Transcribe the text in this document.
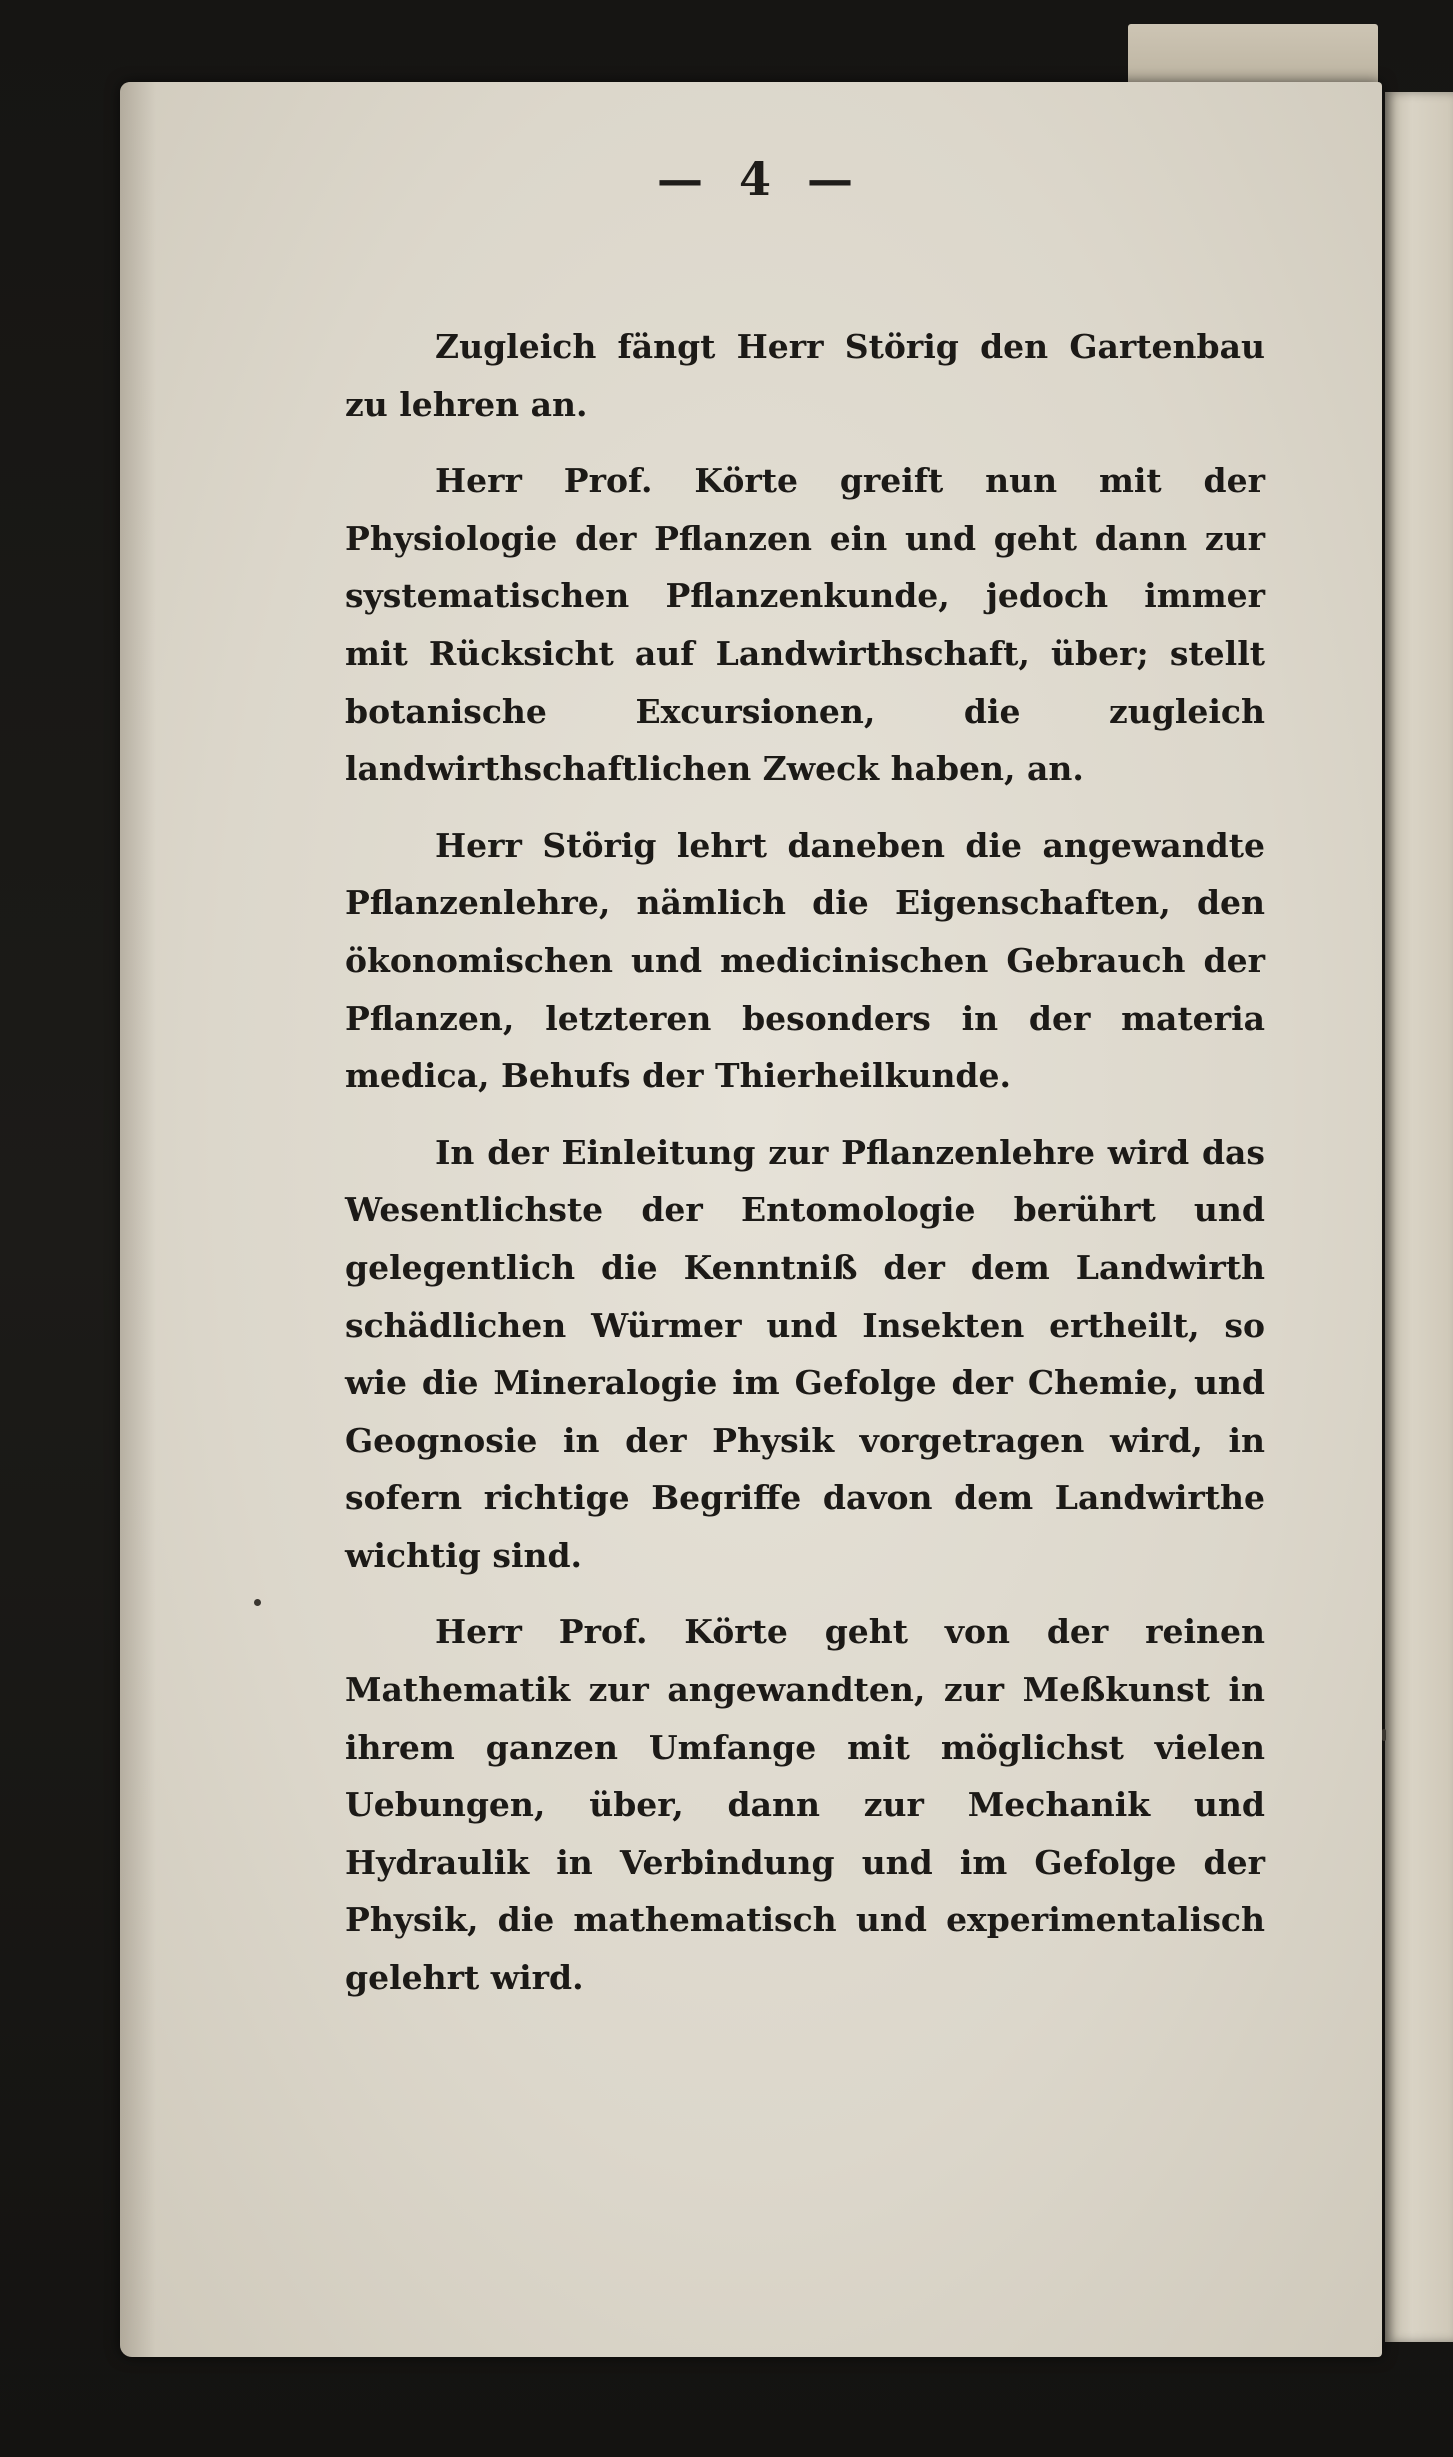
— 4 —

Zugleich fängt Herr Störig den Gartenbau zu lehren an.

Herr Prof. Körte greift nun mit der Physiologie der Pflanzen ein und geht dann zur systematischen Pflanzenkunde, jedoch immer mit Rücksicht auf Landwirthschaft, über; stellt botanische Excursionen, die zugleich landwirthschaftlichen Zweck haben, an.

Herr Störig lehrt daneben die angewandte Pflanzenlehre, nämlich die Eigenschaften, den ökonomischen und medicinischen Gebrauch der Pflanzen, letzteren besonders in der materia medica, Behufs der Thierheilkunde.

In der Einleitung zur Pflanzenlehre wird das Wesentlichste der Entomologie berührt und gelegentlich die Kenntniß der dem Landwirth schädlichen Würmer und Insekten ertheilt, so wie die Mineralogie im Gefolge der Chemie, und Geognosie in der Physik vorgetragen wird, in sofern richtige Begriffe davon dem Landwirthe wichtig sind.

Herr Prof. Körte geht von der reinen Mathematik zur angewandten, zur Meßkunst in ihrem ganzen Umfange mit möglichst vielen Uebungen, über, dann zur Mechanik und Hydraulik in Verbindung und im Gefolge der Physik, die mathematisch und experimentalisch gelehrt wird.
